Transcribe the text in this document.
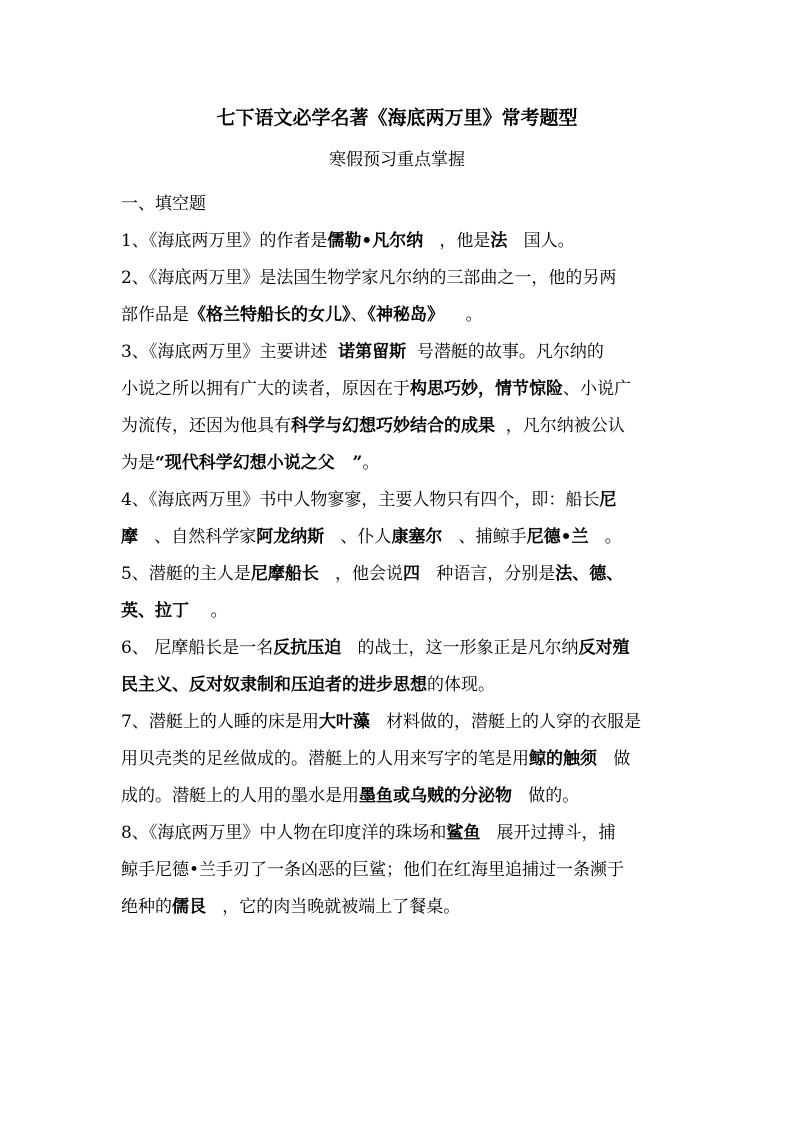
七下语文必学名著《海底两万里》常考题型
寒假预习重点掌握
一、填空题
1、《海底两万里》的作者是儒勒•凡尔纳   ，他是法   国人。
2、《海底两万里》是法国生物学家凡尔纳的三部曲之一，他的另两
部作品是《格兰特船长的女儿》、《神秘岛》    。
3、《海底两万里》主要讲述  诺第留斯  号潜艇的故事。凡尔纳的
小说之所以拥有广大的读者，原因在于构思巧妙，情节惊险、小说广
为流传，还因为他具有科学与幻想巧妙结合的成果  ，凡尔纳被公认
为是“现代科学幻想小说之父   ”。
4、《海底两万里》书中人物寥寥，主要人物只有四个，即：船长尼
摩   、自然科学家阿龙纳斯   、仆人康塞尔   、捕鲸手尼德•兰   。
5、潜艇的主人是尼摩船长   ，他会说四   种语言，分别是法、德、
英、拉丁    。
6、 尼摩船长是一名反抗压迫   的战士，这一形象正是凡尔纳反对殖
民主义、反对奴隶制和压迫者的进步思想的体现。
7、潜艇上的人睡的床是用大叶藻   材料做的，潜艇上的人穿的衣服是
用贝壳类的足丝做成的。潜艇上的人用来写字的笔是用鲸的触须   做
成的。潜艇上的人用的墨水是用墨鱼或乌贼的分泌物   做的。
8、《海底两万里》中人物在印度洋的珠场和鲨鱼   展开过搏斗，捕
鲸手尼德•兰手刃了一条凶恶的巨鲨；他们在红海里追捕过一条濒于
绝种的儒艮   ，它的肉当晚就被端上了餐桌。
